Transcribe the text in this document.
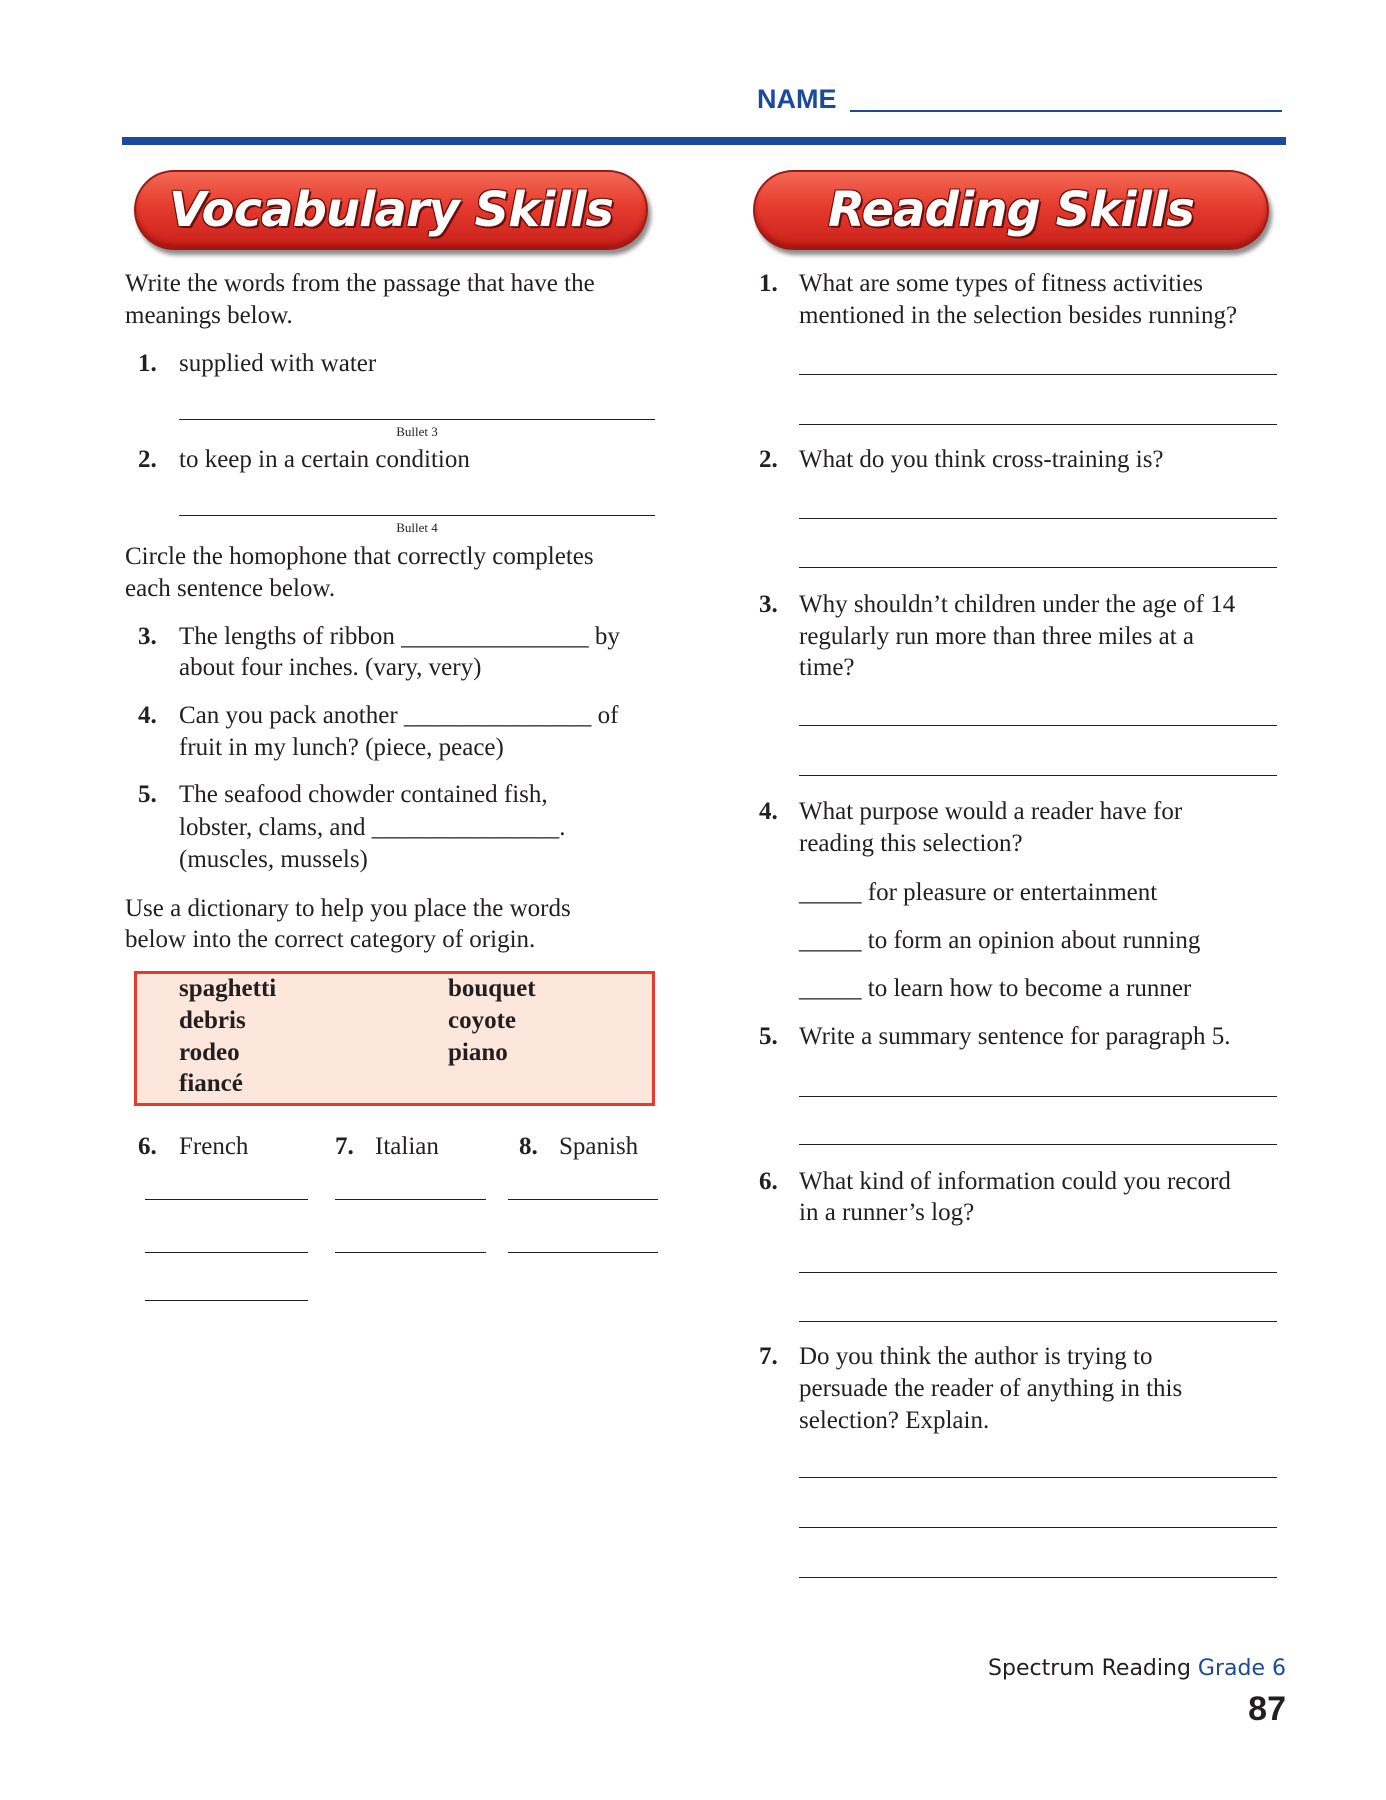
NAME
Vocabulary Skills	Reading Skills
Write the words from the passage that have the
meanings below.
1. supplied with water
Bullet 3
2. to keep in a certain condition
Bullet 4
Circle the homophone that correctly completes
each sentence below.
3. The lengths of ribbon _______________ by
about four inches. (vary, very)
4. Can you pack another _______________ of
fruit in my lunch? (piece, peace)
5. The seafood chowder contained fish,
lobster, clams, and _______________.
(muscles, mussels)
Use a dictionary to help you place the words
below into the correct category of origin.
spaghetti
debris
rodeo
fiancé
bouquet
coyote
piano
6. French	7. Italian	8. Spanish
1. What are some types of fitness activities
mentioned in the selection besides running?
2. What do you think cross-training is?
3. Why shouldn’t children under the age of 14
regularly run more than three miles at a
time?
4. What purpose would a reader have for
reading this selection?
_____ for pleasure or entertainment
_____ to form an opinion about running
_____ to learn how to become a runner
5. Write a summary sentence for paragraph 5.
6. What kind of information could you record
in a runner’s log?
7. Do you think the author is trying to
persuade the reader of anything in this
selection? Explain.
Spectrum Reading Grade 6
87
